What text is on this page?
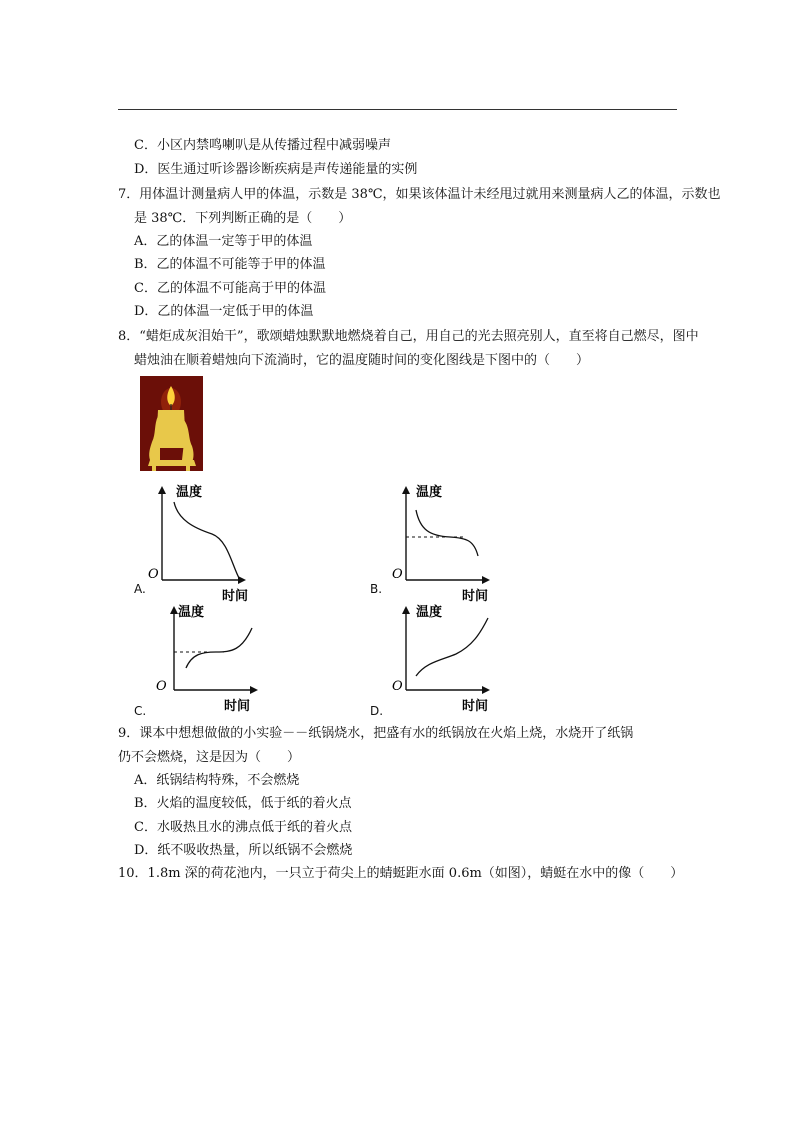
C．小区内禁鸣喇叭是从传播过程中减弱噪声
D．医生通过听诊器诊断疾病是声传递能量的实例
7．用体温计测量病人甲的体温，示数是 38℃，如果该体温计未经甩过就用来测量病人乙的体温，示数也
是 38℃．下列判断正确的是（　　）
A．乙的体温一定等于甲的体温
B．乙的体温不可能等于甲的体温
C．乙的体温不可能高于甲的体温
D．乙的体温一定低于甲的体温
8．“蜡炬成灰泪始干”，歌颂蜡烛默默地燃烧着自己，用自己的光去照亮别人，直至将自己燃尽，图中
蜡烛油在顺着蜡烛向下流淌时，它的温度随时间的变化图线是下图中的（　　）
温度
时间
O
A.
温度
时间
O
B.
温度
时间
O
C.
温度
时间
O
D.
9．课本中想想做做的小实验－－纸锅烧水，把盛有水的纸锅放在火焰上烧，水烧开了纸锅
仍不会燃烧，这是因为（　　）
A．纸锅结构特殊，不会燃烧
B．火焰的温度较低，低于纸的着火点
C．水吸热且水的沸点低于纸的着火点
D．纸不吸收热量，所以纸锅不会燃烧
10．1.8m 深的荷花池内，一只立于荷尖上的蜻蜓距水面 0.6m（如图），蜻蜓在水中的像（　　）
